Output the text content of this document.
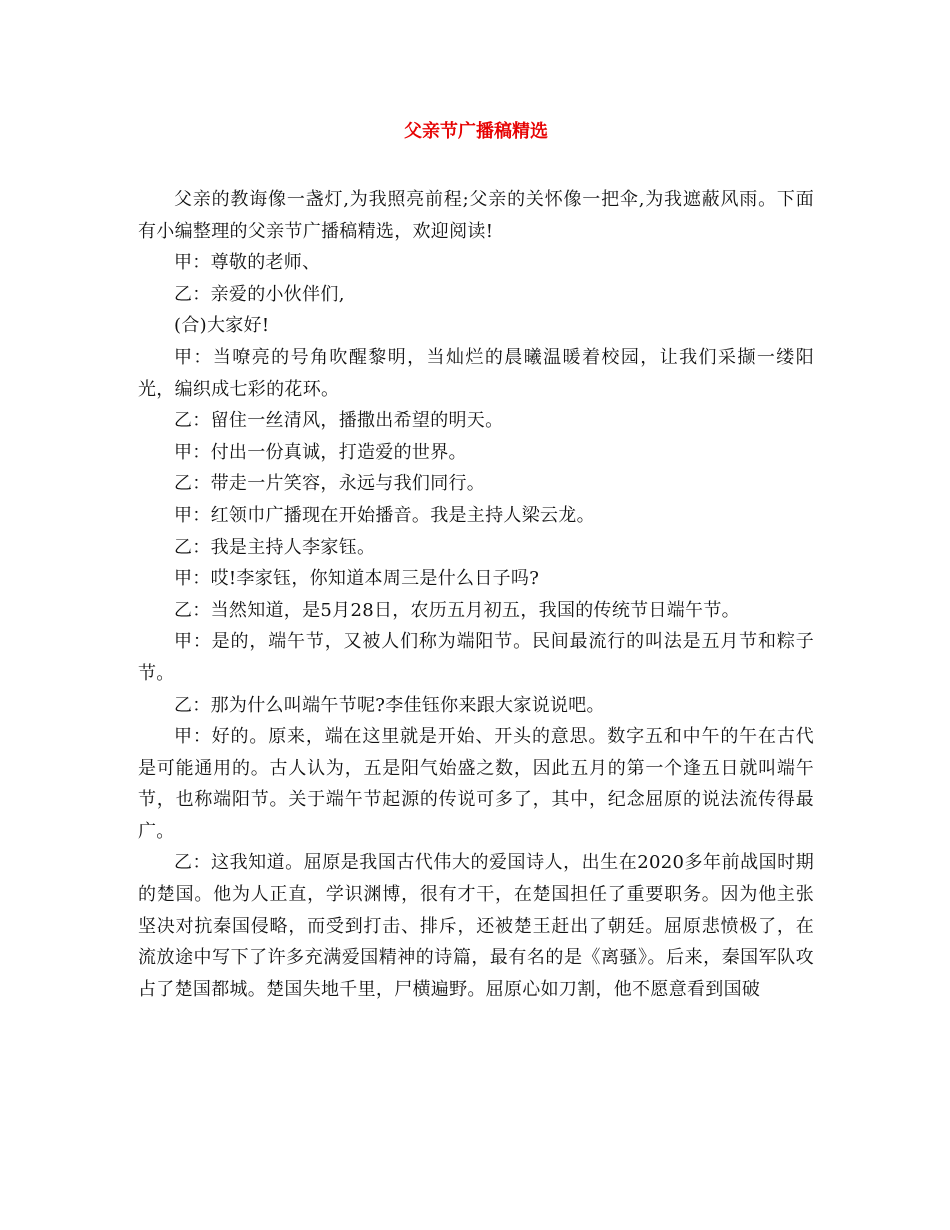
父亲节广播稿精选

父亲的教诲像一盏灯,为我照亮前程;父亲的关怀像一把伞,为我遮蔽风雨。下面有小编整理的父亲节广播稿精选，欢迎阅读!

甲：尊敬的老师、

乙：亲爱的小伙伴们,

(合)大家好!

甲：当嘹亮的号角吹醒黎明，当灿烂的晨曦温暖着校园，让我们采撷一缕阳光，编织成七彩的花环。

乙：留住一丝清风，播撒出希望的明天。

甲：付出一份真诚，打造爱的世界。

乙：带走一片笑容，永远与我们同行。

甲：红领巾广播现在开始播音。我是主持人梁云龙。

乙：我是主持人李家钰。

甲：哎!李家钰，你知道本周三是什么日子吗?

乙：当然知道，是5月28日，农历五月初五，我国的传统节日端午节。

甲：是的，端午节，又被人们称为端阳节。民间最流行的叫法是五月节和粽子节。

乙：那为什么叫端午节呢?李佳钰你来跟大家说说吧。

甲：好的。原来，端在这里就是开始、开头的意思。数字五和中午的午在古代是可能通用的。古人认为，五是阳气始盛之数，因此五月的第一个逢五日就叫端午节，也称端阳节。关于端午节起源的传说可多了，其中，纪念屈原的说法流传得最广。

乙：这我知道。屈原是我国古代伟大的爱国诗人，出生在2020多年前战国时期的楚国。他为人正直，学识渊博，很有才干，在楚国担任了重要职务。因为他主张坚决对抗秦国侵略，而受到打击、排斥，还被楚王赶出了朝廷。屈原悲愤极了，在流放途中写下了许多充满爱国精神的诗篇，最有名的是《离骚》。后来，秦国军队攻占了楚国都城。楚国失地千里，尸横遍野。屈原心如刀割，他不愿意看到国破
